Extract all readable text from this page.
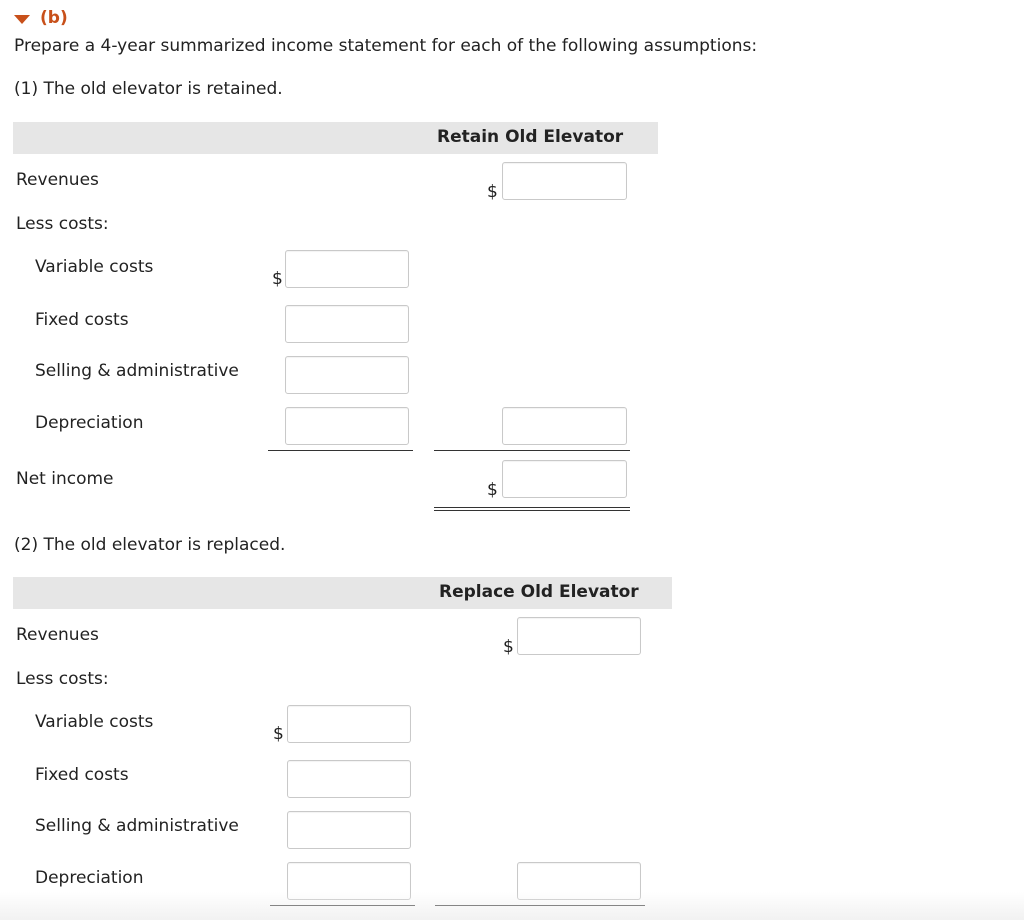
(b)
Prepare a 4-year summarized income statement for each of the following assumptions:
(1) The old elevator is retained.
Retain Old Elevator
Revenues
$
Less costs:
Variable costs
$
Fixed costs
Selling & administrative
Depreciation
Net income
$
(2) The old elevator is replaced.
Replace Old Elevator
Revenues
$
Less costs:
Variable costs
$
Fixed costs
Selling & administrative
Depreciation
